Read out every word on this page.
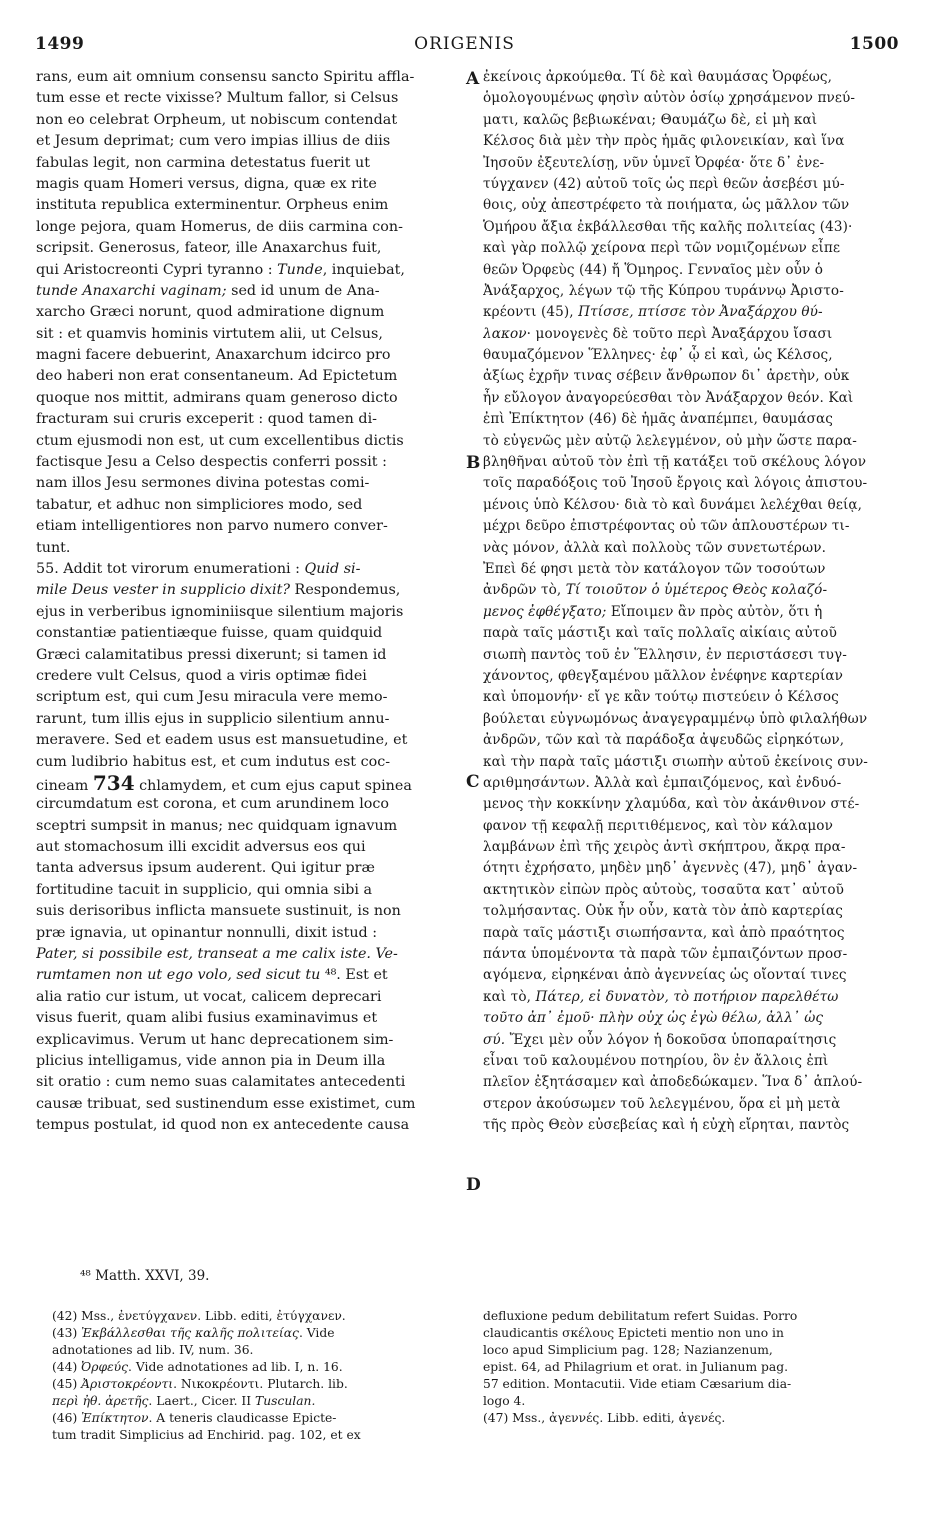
1499	ORIGENIS	1500
rans, eum ait omnium consensu sancto Spiritu affla-
tum esse et recte vixisse? Multum fallor, si Celsus
non eo celebrat Orpheum, ut nobiscum contendat
et Jesum deprimat; cum vero impias illius de diis
fabulas legit, non carmina detestatus fuerit ut
magis quam Homeri versus, digna, quæ ex rite
instituta republica exterminentur. Orpheus enim
longe pejora, quam Homerus, de diis carmina con-
scripsit. Generosus, fateor, ille Anaxarchus fuit,
qui Aristocreonti Cypri tyranno : Tunde, inquiebat,
tunde Anaxarchi vaginam; sed id unum de Ana-
xarcho Græci norunt, quod admiratione dignum
sit : et quamvis hominis virtutem alii, ut Celsus,
magni facere debuerint, Anaxarchum idcirco pro
deo haberi non erat consentaneum. Ad Epictetum
quoque nos mittit, admirans quam generoso dicto
fracturam sui cruris exceperit : quod tamen di-
ctum ejusmodi non est, ut cum excellentibus dictis
factisque Jesu a Celso despectis conferri possit :
nam illos Jesu sermones divina potestas comi-
tabatur, et adhuc non simpliciores modo, sed
etiam intelligentiores non parvo numero conver-
tunt.
55. Addit tot virorum enumerationi : Quid si-
mile Deus vester in supplicio dixit? Respondemus,
ejus in verberibus ignominiisque silentium majoris
constantiæ patientiæque fuisse, quam quidquid
Græci calamitatibus pressi dixerunt; si tamen id
credere vult Celsus, quod a viris optimæ fidei
scriptum est, qui cum Jesu miracula vere memo-
rarunt, tum illis ejus in supplicio silentium annu-
meravere. Sed et eadem usus est mansuetudine, et
cum ludibrio habitus est, et cum indutus est coc-
cineam 734 chlamydem, et cum ejus caput spinea
circumdatum est corona, et cum arundinem loco
sceptri sumpsit in manus; nec quidquam ignavum
aut stomachosum illi excidit adversus eos qui
tanta adversus ipsum auderent. Qui igitur præ
fortitudine tacuit in supplicio, qui omnia sibi a
suis derisoribus inflicta mansuete sustinuit, is non
præ ignavia, ut opinantur nonnulli, dixit istud :
Pater, si possibile est, transeat a me calix iste. Ve-
rumtamen non ut ego volo, sed sicut tu ⁴⁸. Est et
alia ratio cur istum, ut vocat, calicem deprecari
visus fuerit, quam alibi fusius examinavimus et
explicavimus. Verum ut hanc deprecationem sim-
plicius intelligamus, vide annon pia in Deum illa
sit oratio : cum nemo suas calamitates antecedenti
causæ tribuat, sed sustinendum esse existimet, cum
tempus postulat, id quod non ex antecedente causa
ἐκείνοις ἀρκούμεθα. Τί δὲ καὶ θαυμάσας Ὀρφέως,
ὁμολογουμένως φησὶν αὐτὸν ὁσίῳ χρησάμενον πνεύ-
ματι, καλῶς βεβιωκέναι; Θαυμάζω δὲ, εἰ μὴ καὶ
Κέλσος διὰ μὲν τὴν πρὸς ἡμᾶς φιλονεικίαν, καὶ ἵνα
Ἰησοῦν ἐξευτελίσῃ, νῦν ὑμνεῖ Ὀρφέα· ὅτε δ᾽ ἐνε-
τύγχανεν (42) αὐτοῦ τοῖς ὡς περὶ θεῶν ἀσεβέσι μύ-
θοις, οὐχ ἀπεστρέφετο τὰ ποιήματα, ὡς μᾶλλον τῶν
Ὁμήρου ἄξια ἐκβάλλεσθαι τῆς καλῆς πολιτείας (43)·
καὶ γὰρ πολλῷ χείρονα περὶ τῶν νομιζομένων εἶπε
θεῶν Ὀρφεὺς (44) ἤ Ὅμηρος. Γενναῖος μὲν οὖν ὁ
Ἀνάξαρχος, λέγων τῷ τῆς Κύπρου τυράννῳ Ἀριστο-
κρέοντι (45), Πτίσσε, πτίσσε τὸν Ἀναξάρχου θύ-
λακον· μονογενὲς δὲ τοῦτο περὶ Ἀναξάρχου ἴσασι
θαυμαζόμενον Ἕλληνες· ἐφ᾽ ᾧ εἰ καὶ, ὡς Κέλσος,
ἀξίως ἐχρῆν τινας σέβειν ἄνθρωπον δι᾽ ἀρετὴν, οὐκ
ἦν εὔλογον ἀναγορεύεσθαι τὸν Ἀνάξαρχον θεόν. Καὶ
ἐπὶ Ἐπίκτητον (46) δὲ ἡμᾶς ἀναπέμπει, θαυμάσας
τὸ εὐγενῶς μὲν αὐτῷ λελεγμένον, οὐ μὴν ὥστε παρα-
βληθῆναι αὐτοῦ τὸν ἐπὶ τῇ κατάξει τοῦ σκέλους λόγον
τοῖς παραδόξοις τοῦ Ἰησοῦ ἔργοις καὶ λόγοις ἀπιστου-
μένοις ὑπὸ Κέλσου· διὰ τὸ καὶ δυνάμει λελέχθαι θείᾳ,
μέχρι δεῦρο ἐπιστρέφοντας οὐ τῶν ἁπλουστέρων τι-
νὰς μόνον, ἀλλὰ καὶ πολλοὺς τῶν συνετωτέρων.
Ἐπεὶ δέ φησι μετὰ τὸν κατάλογον τῶν τοσούτων
ἀνδρῶν τὸ, Τί τοιοῦτον ὁ ὑμέτερος Θεὸς κολαζό-
μενος ἐφθέγξατο; Εἴποιμεν ἂν πρὸς αὐτὸν, ὅτι ἡ
παρὰ ταῖς μάστιξι καὶ ταῖς πολλαῖς αἰκίαις αὐτοῦ
σιωπὴ παντὸς τοῦ ἐν Ἕλλησιν, ἐν περιστάσεσι τυγ-
χάνοντος, φθεγξαμένου μᾶλλον ἐνέφηνε καρτερίαν
καὶ ὑπομονήν· εἴ γε κἂν τούτῳ πιστεύειν ὁ Κέλσος
βούλεται εὐγνωμόνως ἀναγεγραμμένῳ ὑπὸ φιλαλήθων
ἀνδρῶν, τῶν καὶ τὰ παράδοξα ἀψευδῶς εἰρηκότων,
καὶ τὴν παρὰ ταῖς μάστιξι σιωπὴν αὐτοῦ ἐκείνοις συν-
αριθμησάντων. Ἀλλὰ καὶ ἐμπαιζόμενος, καὶ ἐνδυό-
μενος τὴν κοκκίνην χλαμύδα, καὶ τὸν ἀκάνθινον στέ-
φανον τῇ κεφαλῇ περιτιθέμενος, καὶ τὸν κάλαμον
λαμβάνων ἐπὶ τῆς χειρὸς ἀντὶ σκήπτρου, ἄκρᾳ πρα-
ότητι ἐχρήσατο, μηδὲν μηδ᾽ ἀγεννὲς (47), μηδ᾽ ἀγαν-
ακτητικὸν εἰπὼν πρὸς αὐτοὺς, τοσαῦτα κατ᾽ αὐτοῦ
τολμήσαντας. Οὐκ ἦν οὖν, κατὰ τὸν ἀπὸ καρτερίας
παρὰ ταῖς μάστιξι σιωπήσαντα, καὶ ἀπὸ πραότητος
πάντα ὑπομένοντα τὰ παρὰ τῶν ἐμπαιζόντων προσ-
αγόμενα, εἰρηκέναι ἀπὸ ἀγεννείας ὡς οἴονταί τινες
καὶ τὸ, Πάτερ, εἰ δυνατὸν, τὸ ποτήριον παρελθέτω
τοῦτο ἀπ᾽ ἐμοῦ· πλὴν οὐχ ὡς ἐγὼ θέλω, ἀλλ᾽ ὡς
σύ. Ἔχει μὲν οὖν λόγον ἡ δοκοῦσα ὑποπαραίτησις
εἶναι τοῦ καλουμένου ποτηρίου, ὃν ἐν ἄλλοις ἐπὶ
πλεῖον ἐξητάσαμεν καὶ ἀποδεδώκαμεν. Ἵνα δ᾽ ἁπλού-
στερον ἀκούσωμεν τοῦ λελεγμένου, ὅρα εἰ μὴ μετὰ
τῆς πρὸς Θεὸν εὐσεβείας καὶ ἡ εὐχὴ εἴρηται, παντὸς
A
B
C
D
⁴⁸ Matth. XXVI, 39.
(42) Mss., ἐνετύγχανεν. Libb. editi, ἐτύγχανεν.
(43) Ἐκβάλλεσθαι τῆς καλῆς πολιτείας. Vide
adnotationes ad lib. IV, num. 36.
(44) Ὀρφεύς. Vide adnotationes ad lib. I, n. 16.
(45) Ἀριστοκρέοντι. Νικοκρέοντι. Plutarch. lib.
περὶ ἠθ. ἀρετῆς. Laert., Cicer. II Tusculan.
(46) Ἐπίκτητον. A teneris claudicasse Epicte-
tum tradit Simplicius ad Enchirid. pag. 102, et ex
defluxione pedum debilitatum refert Suidas. Porro
claudicantis σκέλους Epicteti mentio non uno in
loco apud Simplicium pag. 128; Nazianzenum,
epist. 64, ad Philagrium et orat. in Julianum pag.
57 edition. Montacutii. Vide etiam Cæsarium dia-
logo 4.
(47) Mss., ἀγεννές. Libb. editi, ἀγενές.
